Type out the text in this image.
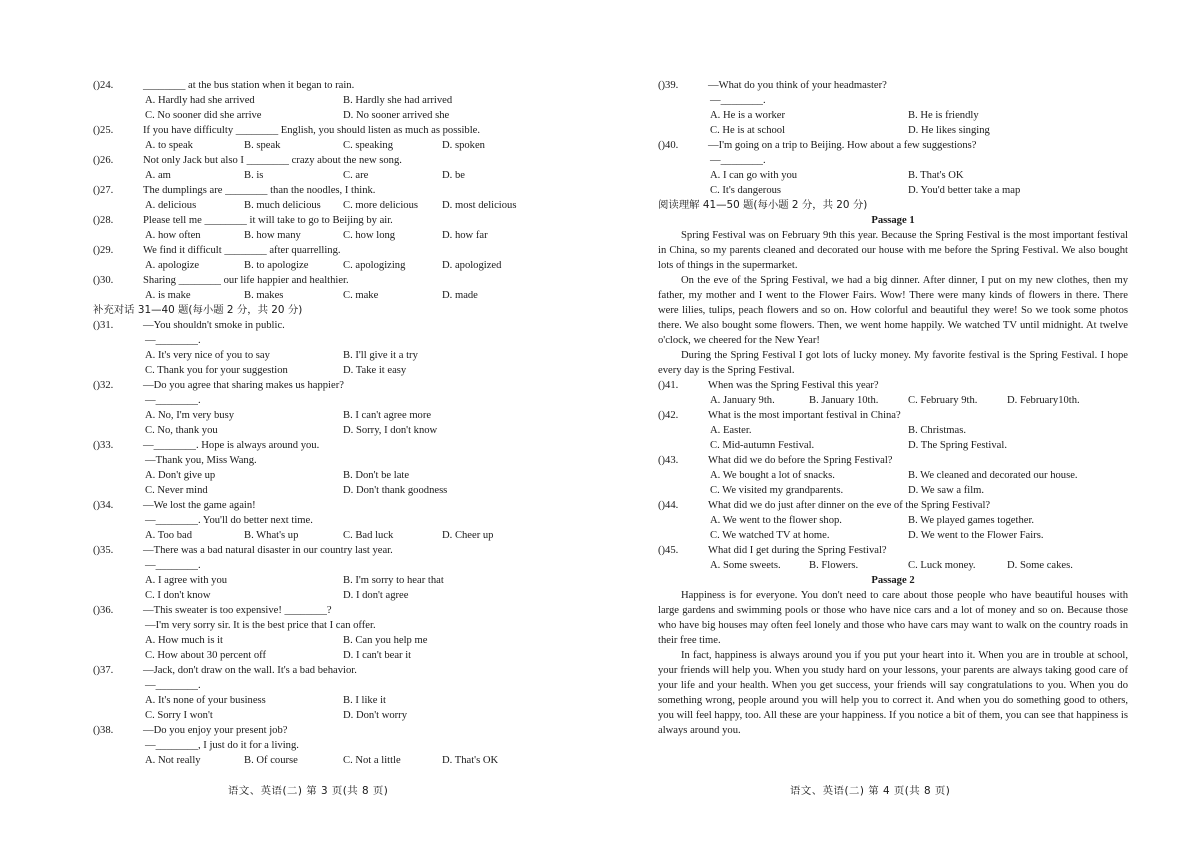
()24.	________ at the bus station when it began to rain.
A. Hardly had she arrived	B. Hardly she had arrived
C. No sooner did she arrive	D. No sooner arrived she
()25.	If you have difficulty ________ English, you should listen as much as possible.
A. to speak	B. speak	C. speaking	D. spoken
()26.	Not only Jack but also I ________ crazy about the new song.
A. am	B. is	C. are	D. be
()27.	The dumplings are ________ than the noodles, I think.
A. delicious	B. much delicious	C. more delicious	D. most delicious
()28.	Please tell me ________ it will take to go to Beijing by air.
A. how often	B. how many	C. how long	D. how far
()29.	We find it difficult ________ after quarrelling.
A. apologize	B. to apologize	C. apologizing	D. apologized
()30.	Sharing ________ our life happier and healthier.
A. is make	B. makes	C. make	D. made
补充对话 31—40 题(每小题 2 分，共 20 分)
()31.	—You shouldn't smoke in public.
—________.
A. It's very nice of you to say	B. I'll give it a try
C. Thank you for your suggestion	D. Take it easy
()32.	—Do you agree that sharing makes us happier?
—________.
A. No, I'm very busy	B. I can't agree more
C. No, thank you	D. Sorry, I don't know
()33.	—________. Hope is always around you.
—Thank you, Miss Wang.
A. Don't give up	B. Don't be late
C. Never mind	D. Don't thank goodness
()34.	—We lost the game again!
—________. You'll do better next time.
A. Too bad	B. What's up	C. Bad luck	D. Cheer up
()35.	—There was a bad natural disaster in our country last year.
—________.
A. I agree with you	B. I'm sorry to hear that
C. I don't know	D. I don't agree
()36.	—This sweater is too expensive! ________?
—I'm very sorry sir. It is the best price that I can offer.
A. How much is it	B. Can you help me
C. How about 30 percent off	D. I can't bear it
()37.	—Jack, don't draw on the wall. It's a bad behavior.
—________.
A. It's none of your business	B. I like it
C. Sorry I won't	D. Don't worry
()38.	—Do you enjoy your present job?
—________, I just do it for a living.
A. Not really	B. Of course	C. Not a little	D. That's OK
()39.	—What do you think of your headmaster?
—________.
A. He is a worker	B. He is friendly
C. He is at school	D. He likes singing
()40.	—I'm going on a trip to Beijing. How about a few suggestions?
—________.
A. I can go with you	B. That's OK
C. It's dangerous	D. You'd better take a map
阅读理解 41—50 题(每小题 2 分，共 20 分)
Passage 1
Spring Festival was on February 9th this year. Because the Spring Festival is the most important festival in China, so my parents cleaned and decorated our house with me before the Spring Festival. We also bought lots of things in the supermarket.
On the eve of the Spring Festival, we had a big dinner. After dinner, I put on my new clothes, then my father, my mother and I went to the Flower Fairs. Wow! There were many kinds of flowers in there. There were lilies, tulips, peach flowers and so on. How colorful and beautiful they were! So we took some photos there. We also bought some flowers. Then, we went home happily. We watched TV until midnight. At twelve o'clock, we cheered for the New Year!
During the Spring Festival I got lots of lucky money. My favorite festival is the Spring Festival. I hope every day is the Spring Festival.
()41.	When was the Spring Festival this year?
A. January 9th.	B. January 10th.	C. February 9th.	D. February10th.
()42.	What is the most important festival in China?
A. Easter.	B. Christmas.
C. Mid-autumn Festival.	D. The Spring Festival.
()43.	What did we do before the Spring Festival?
A. We bought a lot of snacks.	B. We cleaned and decorated our house.
C. We visited my grandparents.	D. We saw a film.
()44.	What did we do just after dinner on the eve of the Spring Festival?
A. We went to the flower shop.	B. We played games together.
C. We watched TV at home.	D. We went to the Flower Fairs.
()45.	What did I get during the Spring Festival?
A. Some sweets.	B. Flowers.	C. Luck money.	D. Some cakes.
Passage 2
Happiness is for everyone. You don't need to care about those people who have beautiful houses with large gardens and swimming pools or those who have nice cars and a lot of money and so on. Because those who have big houses may often feel lonely and those who have cars may want to walk on the country roads in their free time.
In fact, happiness is always around you if you put your heart into it. When you are in trouble at school, your friends will help you. When you study hard on your lessons, your parents are always taking good care of your life and your health. When you get success, your friends will say congratulations to you. When you do something wrong, people around you will help you to correct it. And when you do something good to others, you will feel happy, too. All these are your happiness. If you notice a bit of them, you can see that happiness is always around you.
语文、英语(二) 第 3 页(共 8 页)	语文、英语(二) 第 4 页(共 8 页)
